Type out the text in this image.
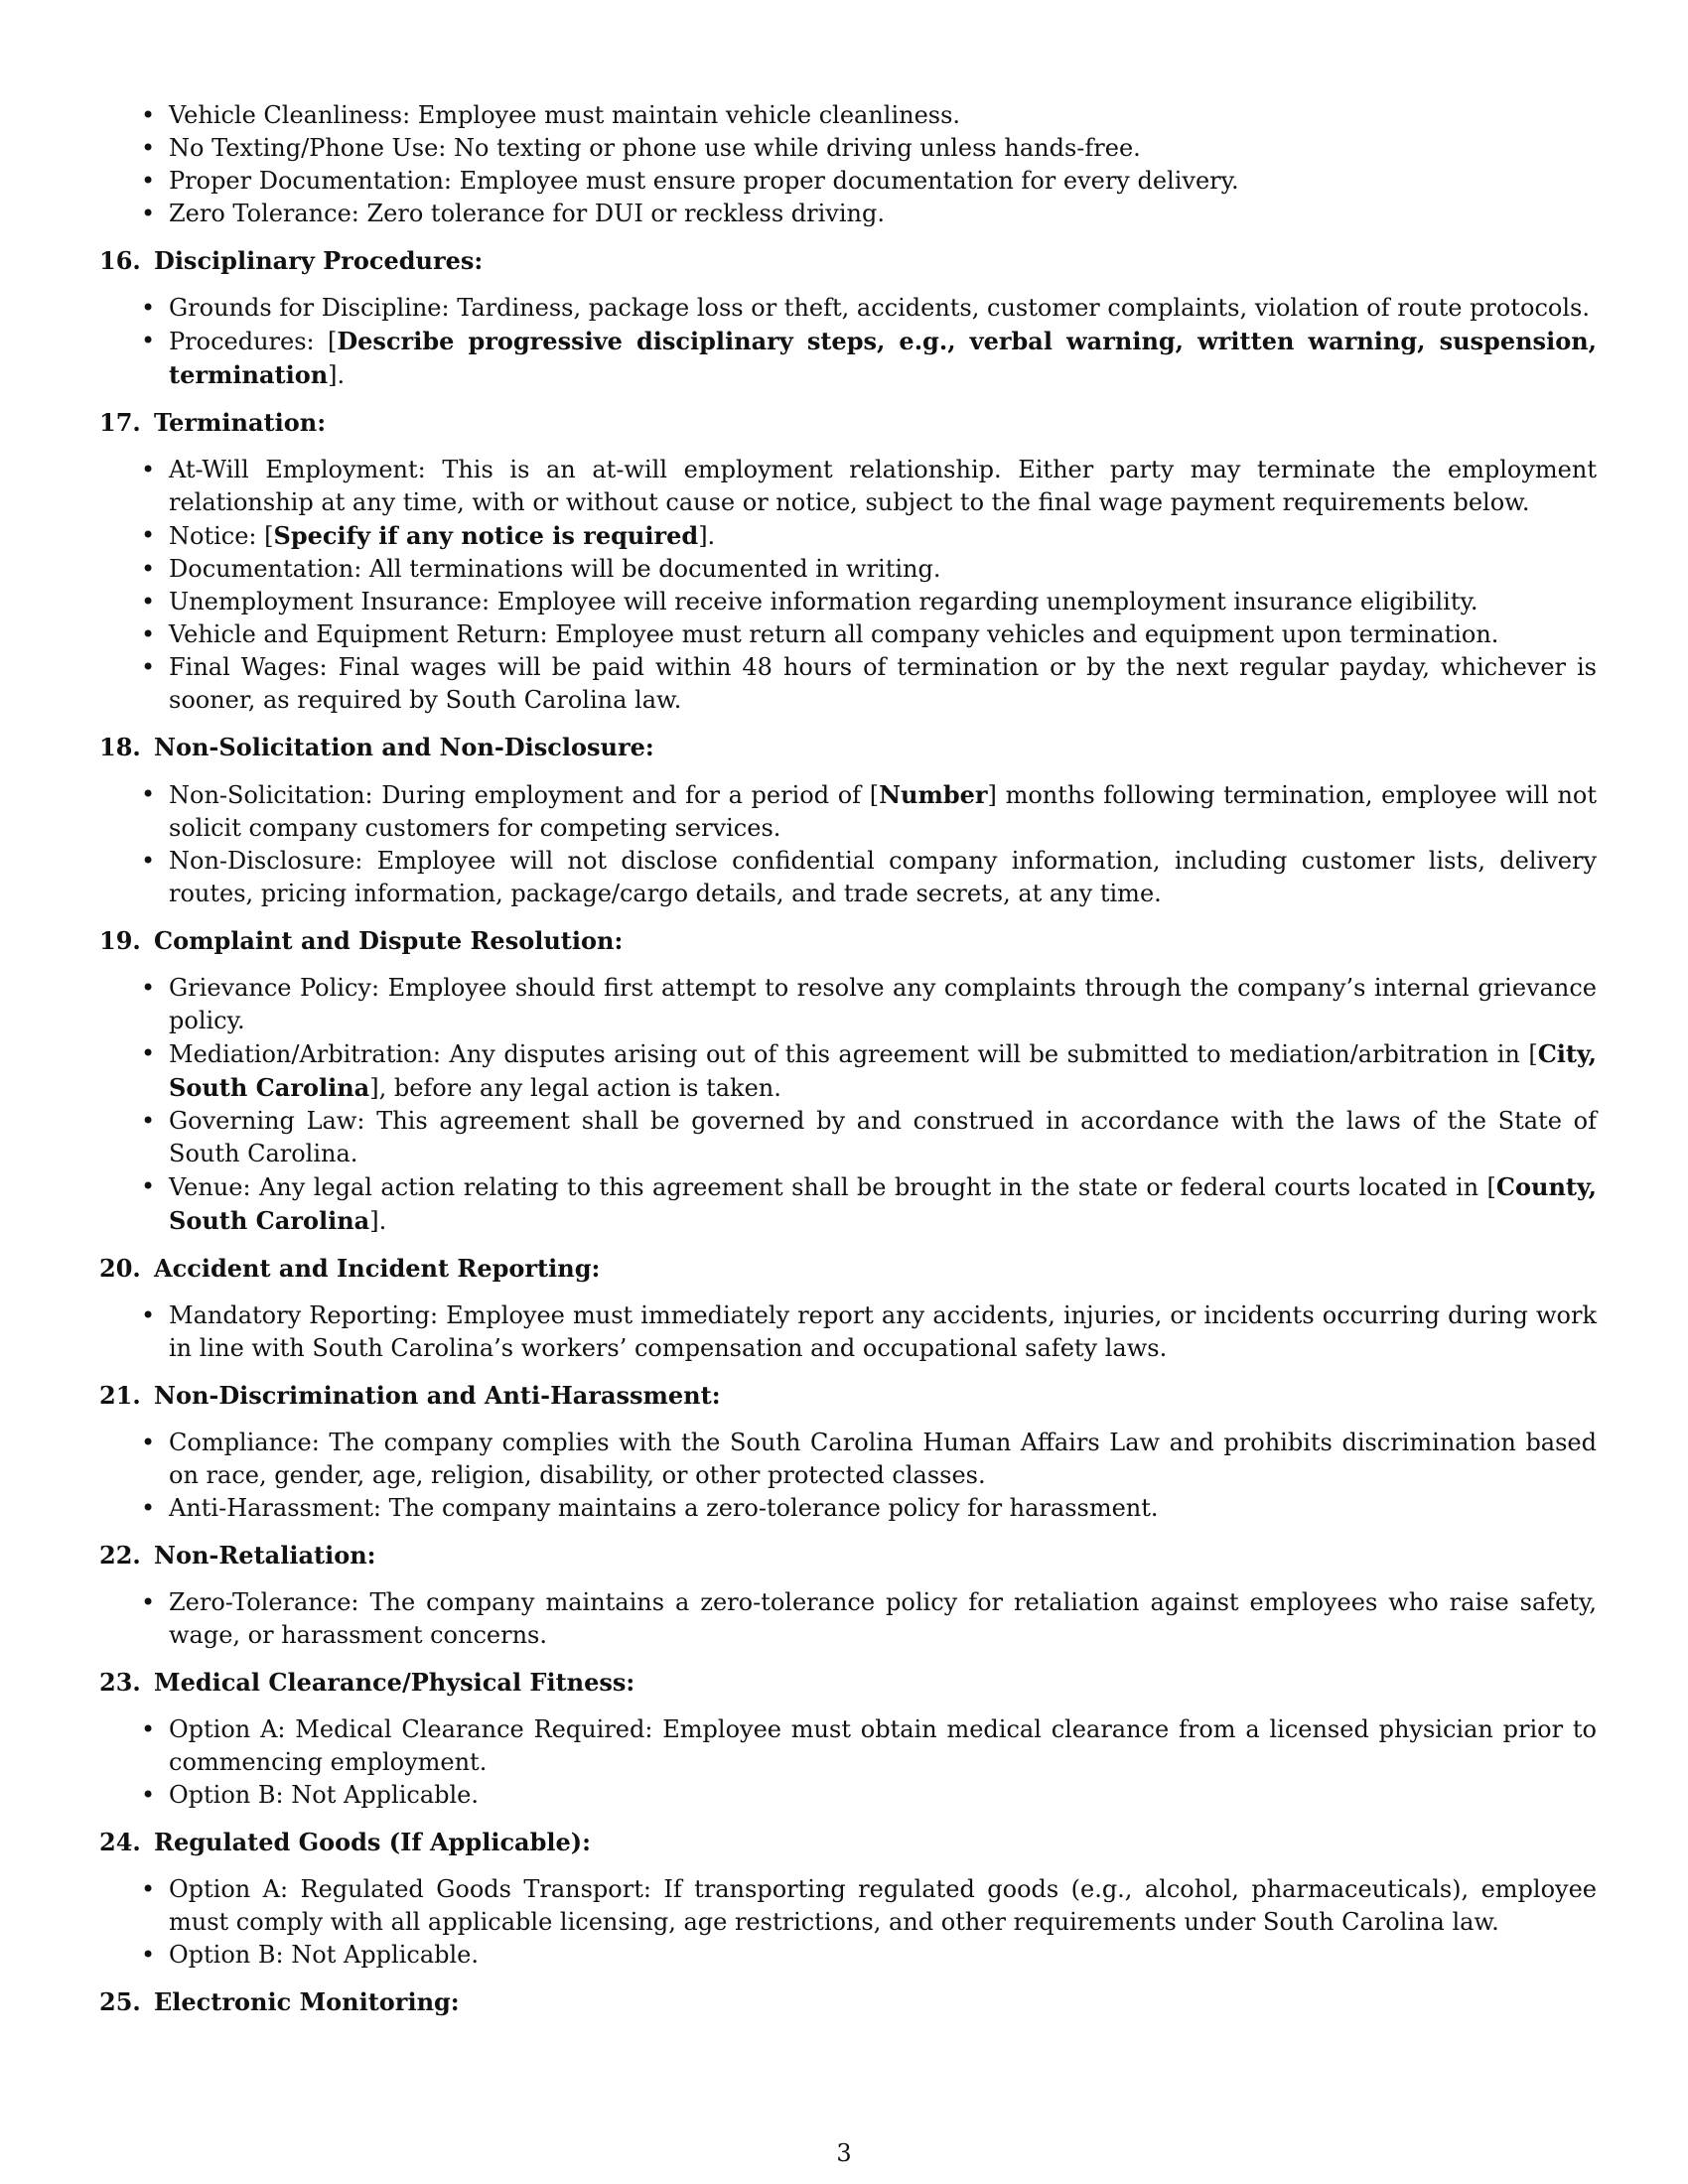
• Vehicle Cleanliness: Employee must maintain vehicle cleanliness.
• No Texting/Phone Use: No texting or phone use while driving unless hands-free.
• Proper Documentation: Employee must ensure proper documentation for every delivery.
• Zero Tolerance: Zero tolerance for DUI or reckless driving.
16. Disciplinary Procedures:
• Grounds for Discipline: Tardiness, package loss or theft, accidents, customer complaints, violation of route protocols.
• Procedures: [Describe progressive disciplinary steps, e.g., verbal warning, written warning, suspension, termination].
17. Termination:
• At-Will Employment: This is an at-will employment relationship. Either party may terminate the employment relationship at any time, with or without cause or notice, subject to the final wage payment requirements below.
• Notice: [Specify if any notice is required].
• Documentation: All terminations will be documented in writing.
• Unemployment Insurance: Employee will receive information regarding unemployment insurance eligibility.
• Vehicle and Equipment Return: Employee must return all company vehicles and equipment upon termination.
• Final Wages: Final wages will be paid within 48 hours of termination or by the next regular payday, whichever is sooner, as required by South Carolina law.
18. Non-Solicitation and Non-Disclosure:
• Non-Solicitation: During employment and for a period of [Number] months following termination, employee will not solicit company customers for competing services.
• Non-Disclosure: Employee will not disclose confidential company information, including customer lists, delivery routes, pricing information, package/cargo details, and trade secrets, at any time.
19. Complaint and Dispute Resolution:
• Grievance Policy: Employee should first attempt to resolve any complaints through the company’s internal grievance policy.
• Mediation/Arbitration: Any disputes arising out of this agreement will be submitted to mediation/arbitration in [City, South Carolina], before any legal action is taken.
• Governing Law: This agreement shall be governed by and construed in accordance with the laws of the State of South Carolina.
• Venue: Any legal action relating to this agreement shall be brought in the state or federal courts located in [County, South Carolina].
20. Accident and Incident Reporting:
• Mandatory Reporting: Employee must immediately report any accidents, injuries, or incidents occurring during work in line with South Carolina’s workers’ compensation and occupational safety laws.
21. Non-Discrimination and Anti-Harassment:
• Compliance: The company complies with the South Carolina Human Affairs Law and prohibits discrimination based on race, gender, age, religion, disability, or other protected classes.
• Anti-Harassment: The company maintains a zero-tolerance policy for harassment.
22. Non-Retaliation:
• Zero-Tolerance: The company maintains a zero-tolerance policy for retaliation against employees who raise safety, wage, or harassment concerns.
23. Medical Clearance/Physical Fitness:
• Option A: Medical Clearance Required: Employee must obtain medical clearance from a licensed physician prior to commencing employment.
• Option B: Not Applicable.
24. Regulated Goods (If Applicable):
• Option A: Regulated Goods Transport: If transporting regulated goods (e.g., alcohol, pharmaceuticals), employee must comply with all applicable licensing, age restrictions, and other requirements under South Carolina law.
• Option B: Not Applicable.
25. Electronic Monitoring:
3
